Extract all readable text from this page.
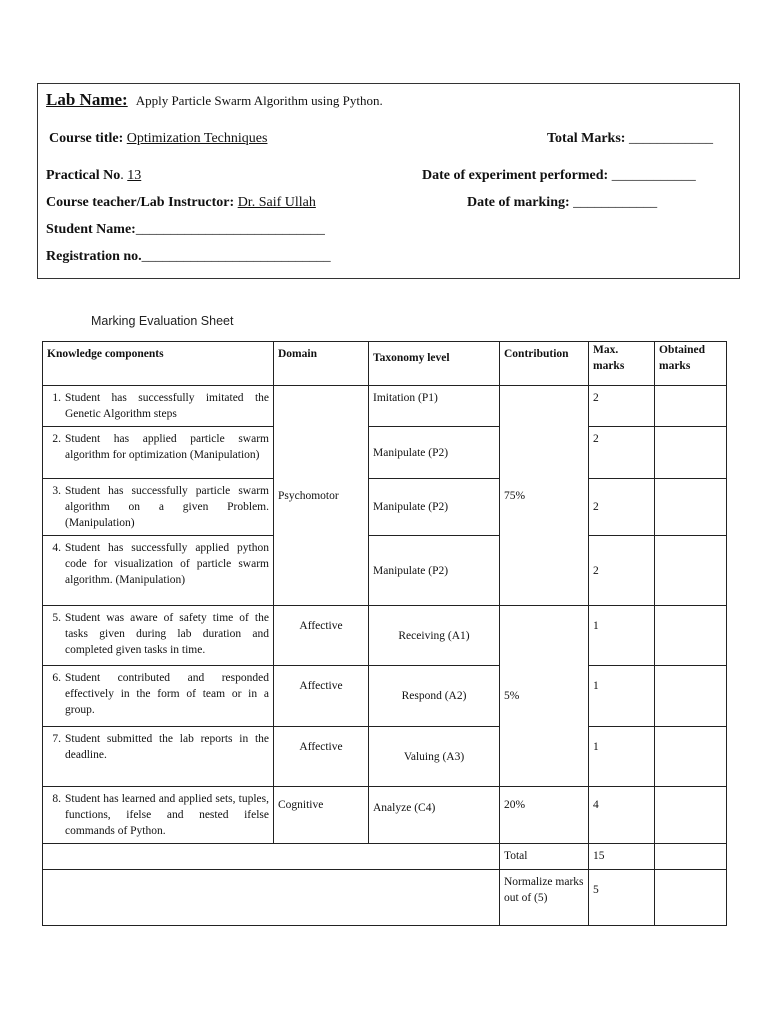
Lab Name: Apply Particle Swarm Algorithm using Python.
Course title: Optimization Techniques	Total Marks: ____________
Practical No. 13	Date of experiment performed: ____________
Course teacher/Lab Instructor: Dr. Saif Ullah	Date of marking: ____________
Student Name:___________________________
Registration no.___________________________
Marking Evaluation Sheet
Knowledge components	Domain	Taxonomy level	Contribution	Max. marks	Obtained marks

1. Student has successfully imitated the Genetic Algorithm steps	Psychomotor	Imitation (P1)	75%	2	

2. Student has applied particle swarm algorithm for optimization (Manipulation)		Manipulate (P2)		2	

3. Student has successfully particle swarm algorithm on a given Problem. (Manipulation)		Manipulate (P2)		2	

4. Student has successfully applied python code for visualization of particle swarm algorithm. (Manipulation)		Manipulate (P2)		2	

5. Student was aware of safety time of the tasks given during lab duration and completed given tasks in time.	Affective	Receiving (A1)	5%	1	

6. Student contributed and responded effectively in the form of team or in a group.	Affective	Respond (A2)		1	

7. Student submitted the lab reports in the deadline.	Affective	Valuing (A3)		1	

8. Student has learned and applied sets, tuples, functions, ifelse and nested ifelse commands of Python.	Cognitive	Analyze (C4)	20%	4	
			Total	15	
			Normalize marks out of (5)	5	
